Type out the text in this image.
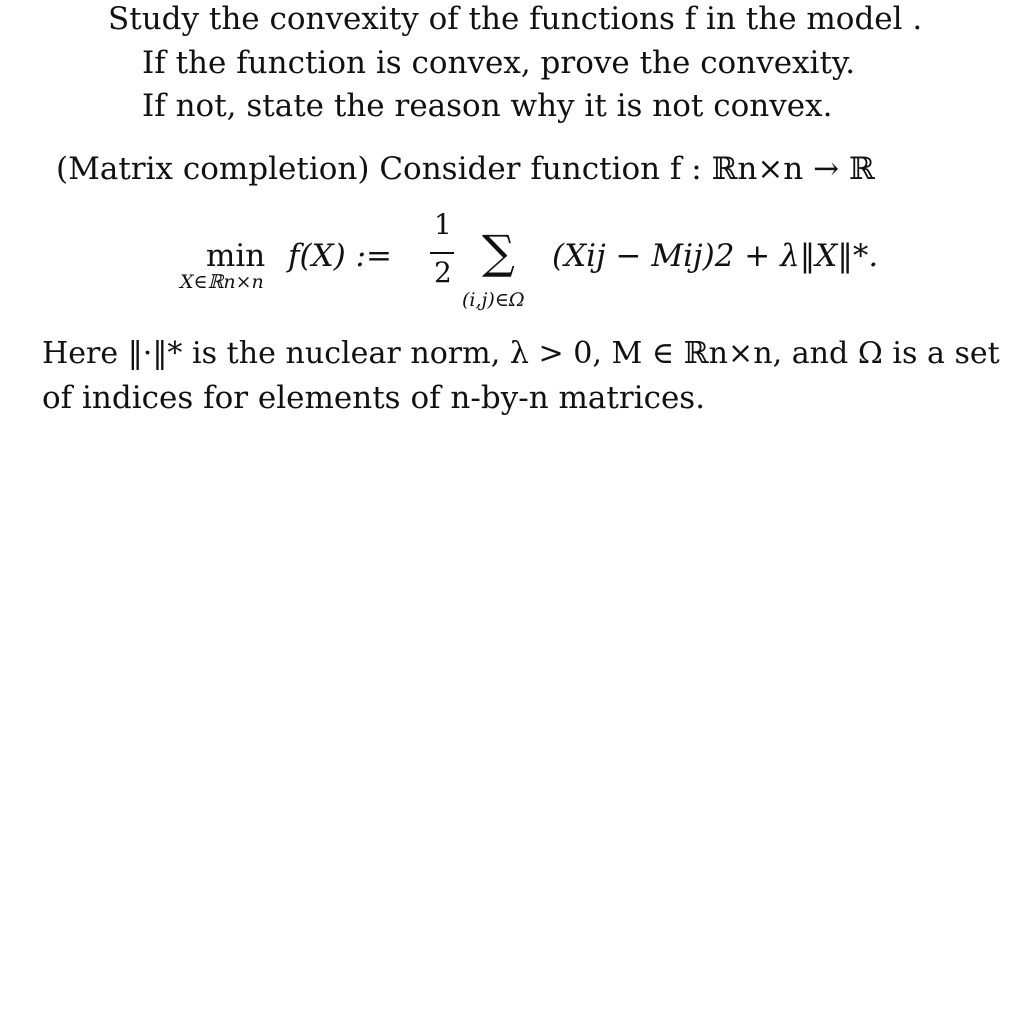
Study the convexity of the functions f in the model .
If the function is convex, prove the convexity.
If not, state the reason why it is not convex.
(Matrix completion) Consider function f : ℝn×n → ℝ
min
X∈ℝn×n
f(X) :=
1
2 ∑
(i,j)∈Ω
(Xij − Mij)2 + λ‖X‖*.
Here ‖·‖* is the nuclear norm, λ > 0, M ∈ ℝn×n, and Ω is a set
of indices for elements of n-by-n matrices.
